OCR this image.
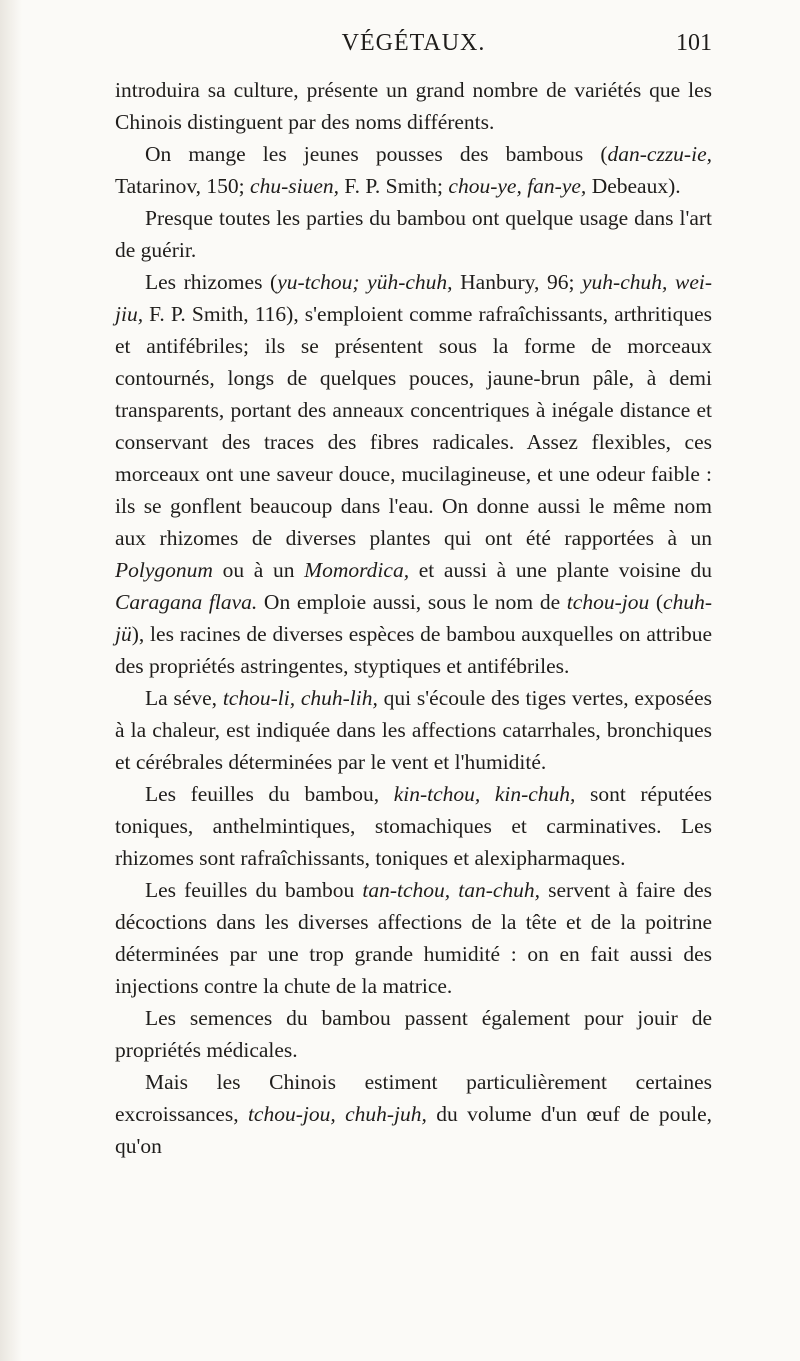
VÉGÉTAUX.	101

introduira sa culture, présente un grand nombre de variétés que les Chinois distinguent par des noms différents.

On mange les jeunes pousses des bambous (dan-czzu-ie, Tatarinov, 150; chu-siuen, F. P. Smith; chou-ye, fan-ye, Debeaux).

Presque toutes les parties du bambou ont quelque usage dans l'art de guérir.

Les rhizomes (yu-tchou; yüh-chuh, Hanbury, 96; yuh-chuh, wei-jiu, F. P. Smith, 116), s'emploient comme rafraîchissants, arthritiques et antifébriles; ils se présentent sous la forme de morceaux contournés, longs de quelques pouces, jaune-brun pâle, à demi transparents, portant des anneaux concentriques à inégale distance et conservant des traces des fibres radicales. Assez flexibles, ces morceaux ont une saveur douce, mucilagineuse, et une odeur faible : ils se gonflent beaucoup dans l'eau. On donne aussi le même nom aux rhizomes de diverses plantes qui ont été rapportées à un Polygonum ou à un Momordica, et aussi à une plante voisine du Caragana flava. On emploie aussi, sous le nom de tchou-jou (chuh-jü), les racines de diverses espèces de bambou auxquelles on attribue des propriétés astringentes, styptiques et antifébriles.

La séve, tchou-li, chuh-lih, qui s'écoule des tiges vertes, exposées à la chaleur, est indiquée dans les affections catarrhales, bronchiques et cérébrales déterminées par le vent et l'humidité.

Les feuilles du bambou, kin-tchou, kin-chuh, sont réputées toniques, anthelmintiques, stomachiques et carminatives. Les rhizomes sont rafraîchissants, toniques et alexipharmaques.

Les feuilles du bambou tan-tchou, tan-chuh, servent à faire des décoctions dans les diverses affections de la tête et de la poitrine déterminées par une trop grande humidité : on en fait aussi des injections contre la chute de la matrice.

Les semences du bambou passent également pour jouir de propriétés médicales.

Mais les Chinois estiment particulièrement certaines excroissances, tchou-jou, chuh-juh, du volume d'un œuf de poule, qu'on
